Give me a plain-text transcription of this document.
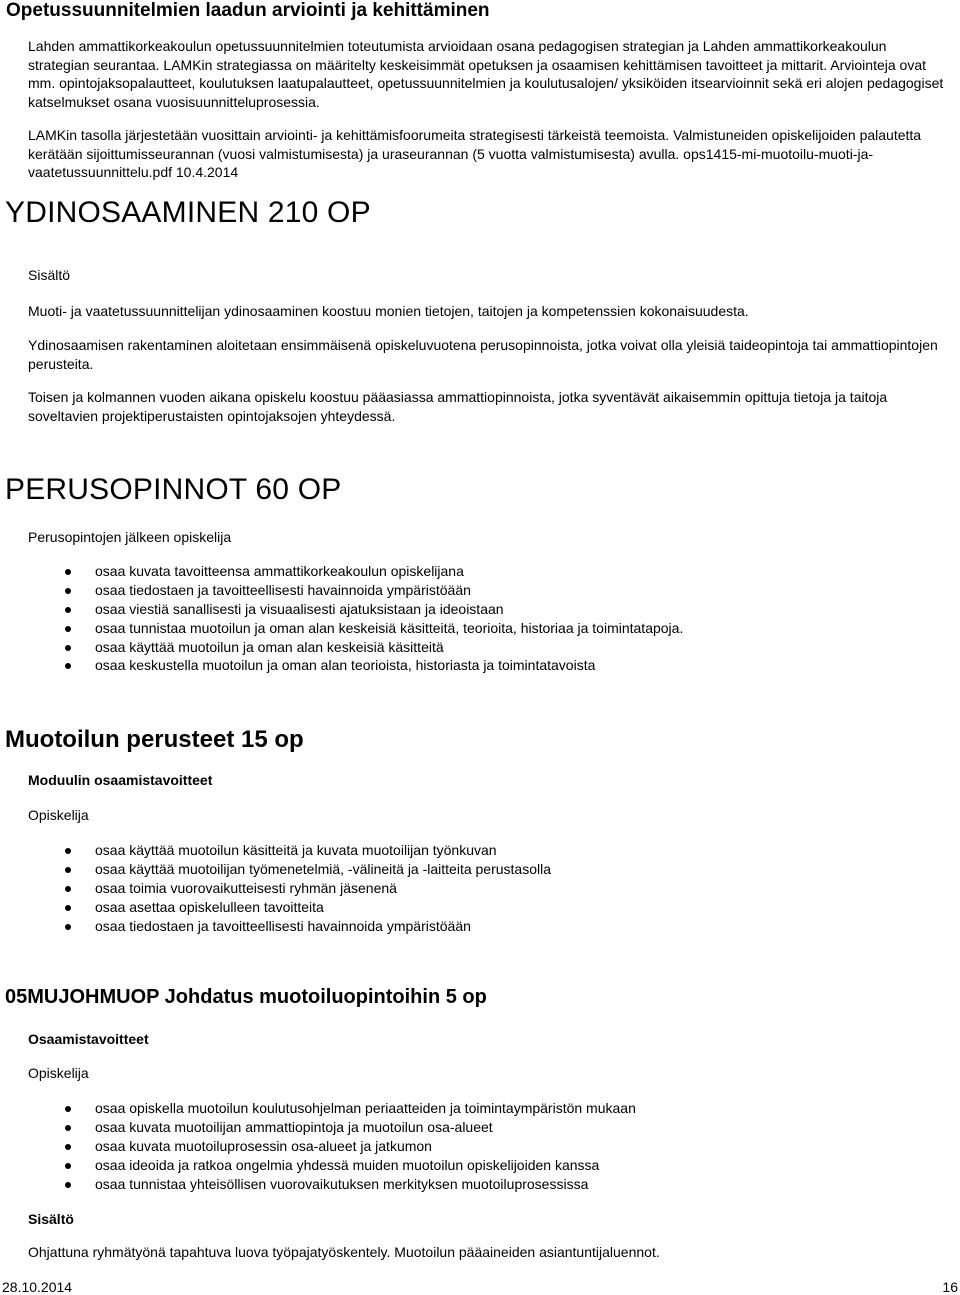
Opetussuunnitelmien laadun arviointi ja kehittäminen

Lahden ammattikorkeakoulun opetussuunnitelmien toteutumista arvioidaan osana pedagogisen strategian ja Lahden ammattikorkeakoulun strategian seurantaa. LAMKin strategiassa on määritelty keskeisimmät opetuksen ja osaamisen kehittämisen tavoitteet ja mittarit. Arviointeja ovat mm. opintojaksopalautteet, koulutuksen laatupalautteet, opetussuunnitelmien ja koulutusalojen/ yksiköiden itsearvioinnit sekä eri alojen pedagogiset katselmukset osana vuosisuunnitteluprosessia.

LAMKin tasolla järjestetään vuosittain arviointi- ja kehittämisfoorumeita strategisesti tärkeistä teemoista. Valmistuneiden opiskelijoiden palautetta kerätään sijoittumisseurannan (vuosi valmistumisesta) ja uraseurannan (5 vuotta valmistumisesta) avulla. ops1415-mi-muotoilu-muoti-ja-vaatetussuunnittelu.pdf 10.4.2014

YDINOSAAMINEN 210 OP

Sisältö

Muoti- ja vaatetussuunnittelijan ydinosaaminen koostuu monien tietojen, taitojen ja kompetenssien kokonaisuudesta.

Ydinosaamisen rakentaminen aloitetaan ensimmäisenä opiskeluvuotena perusopinnoista, jotka voivat olla yleisiä taideopintoja tai ammattiopintojen perusteita.

Toisen ja kolmannen vuoden aikana opiskelu koostuu pääasiassa ammattiopinnoista, jotka syventävät aikaisemmin opittuja tietoja ja taitoja soveltavien projektiperustaisten opintojaksojen yhteydessä.

PERUSOPINNOT 60 OP

Perusopintojen jälkeen opiskelija

osaa kuvata tavoitteensa ammattikorkeakoulun opiskelijana
osaa tiedostaen ja tavoitteellisesti havainnoida ympäristöään
osaa viestiä sanallisesti ja visuaalisesti ajatuksistaan ja ideoistaan
osaa tunnistaa muotoilun ja oman alan keskeisiä käsitteitä, teorioita, historiaa ja toimintatapoja.
osaa käyttää muotoilun ja oman alan keskeisiä käsitteitä
osaa keskustella muotoilun ja oman alan teorioista, historiasta ja toimintatavoista
Muotoilun perusteet 15 op

Moduulin osaamistavoitteet

Opiskelija

osaa käyttää muotoilun käsitteitä ja kuvata muotoilijan työnkuvan
osaa käyttää muotoilijan työmenetelmiä, -välineitä ja -laitteita perustasolla
osaa toimia vuorovaikutteisesti ryhmän jäsenenä
osaa asettaa opiskelulleen tavoitteita
osaa tiedostaen ja tavoitteellisesti havainnoida ympäristöään
05MUJOHMUOP Johdatus muotoiluopintoihin 5 op

Osaamistavoitteet

Opiskelija

osaa opiskella muotoilun koulutusohjelman periaatteiden ja toimintaympäristön mukaan
osaa kuvata muotoilijan ammattiopintoja ja muotoilun osa-alueet
osaa kuvata muotoiluprosessin osa-alueet ja jatkumon
osaa ideoida ja ratkoa ongelmia yhdessä muiden muotoilun opiskelijoiden kanssa
osaa tunnistaa yhteisöllisen vuorovaikutuksen merkityksen muotoiluprosessissa

Sisältö

Ohjattuna ryhmätyönä tapahtuva luova työpajatyöskentely. Muotoilun pääaineiden asiantuntijaluennot.

28.10.2014	16
